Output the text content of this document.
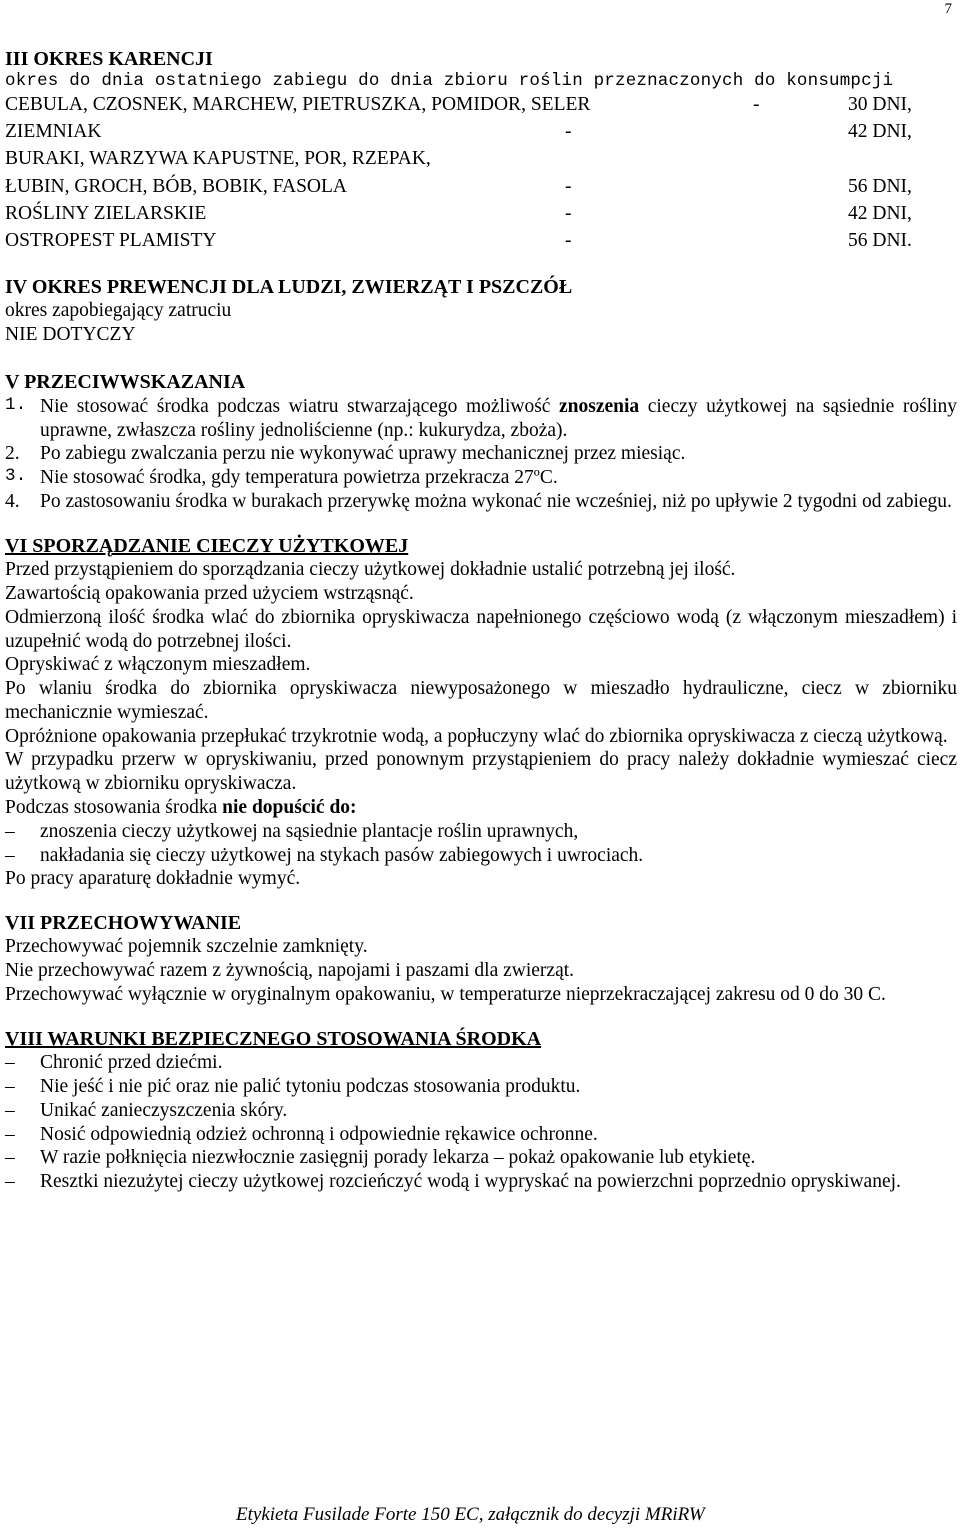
7
III OKRES KARENCJI
okres do dnia ostatniego zabiegu do dnia zbioru roślin przeznaczonych do konsumpcji
CEBULA, CZOSNEK, MARCHEW, PIETRUSZKA, POMIDOR, SELER	-	30 DNI,
ZIEMNIAK	-	42 DNI,
BURAKI, WARZYWA KAPUSTNE, POR, RZEPAK,
ŁUBIN, GROCH, BÓB, BOBIK, FASOLA	-	56 DNI,
ROŚLINY ZIELARSKIE	-	42 DNI,
OSTROPEST PLAMISTY	-	56 DNI.
IV OKRES PREWENCJI DLA LUDZI, ZWIERZĄT I PSZCZÓŁ
okres zapobiegający zatruciu
NIE DOTYCZY
V PRZECIWWSKAZANIA
1. Nie stosować środka podczas wiatru stwarzającego możliwość znoszenia cieczy użytkowej na sąsiednie rośliny uprawne, zwłaszcza rośliny jednoliścienne (np.: kukurydza, zboża).
2.	Po zabiegu zwalczania perzu nie wykonywać uprawy mechanicznej przez miesiąc.
3. Nie stosować środka, gdy temperatura powietrza przekracza 27ºC.
4.	Po zastosowaniu środka w burakach przerywkę można wykonać nie wcześniej, niż po upływie 2 tygodni od zabiegu.
VI SPORZĄDZANIE CIECZY UŻYTKOWEJ
Przed przystąpieniem do sporządzania cieczy użytkowej dokładnie ustalić potrzebną jej ilość.
Zawartością opakowania przed użyciem wstrząsnąć.
Odmierzoną ilość środka wlać do zbiornika opryskiwacza napełnionego częściowo wodą (z włączonym mieszadłem) i uzupełnić wodą do potrzebnej ilości.
Opryskiwać z włączonym mieszadłem.
Po wlaniu środka do zbiornika opryskiwacza niewyposażonego w mieszadło hydrauliczne, ciecz w zbiorniku mechanicznie wymieszać.
Opróżnione opakowania przepłukać trzykrotnie wodą, a popłuczyny wlać do zbiornika opryskiwacza z cieczą użytkową.
W przypadku przerw w opryskiwaniu, przed ponownym przystąpieniem do pracy należy dokładnie wymieszać ciecz użytkową w zbiorniku opryskiwacza.
Podczas stosowania środka nie dopuścić do:
–	znoszenia cieczy użytkowej na sąsiednie plantacje roślin uprawnych,
–	nakładania się cieczy użytkowej na stykach pasów zabiegowych i uwrociach.
Po pracy aparaturę dokładnie wymyć.
VII PRZECHOWYWANIE
Przechowywać pojemnik szczelnie zamknięty.
Nie przechowywać razem z żywnością, napojami i paszami dla zwierząt.
Przechowywać wyłącznie w oryginalnym opakowaniu, w temperaturze nieprzekraczającej zakresu od 0 do 30 C.
VIII WARUNKI BEZPIECZNEGO STOSOWANIA ŚRODKA
–	Chronić przed dziećmi.
–	Nie jeść i nie pić oraz nie palić tytoniu podczas stosowania produktu.
–	Unikać zanieczyszczenia skóry.
–	Nosić odpowiednią odzież ochronną i odpowiednie rękawice ochronne.
–	W razie połknięcia niezwłocznie zasięgnij porady lekarza – pokaż opakowanie lub etykietę.
–	Resztki niezużytej cieczy użytkowej rozcieńczyć wodą i wypryskać na powierzchni poprzednio opryskiwanej.
Etykieta Fusilade Forte 150 EC, załącznik do decyzji MRiRW
